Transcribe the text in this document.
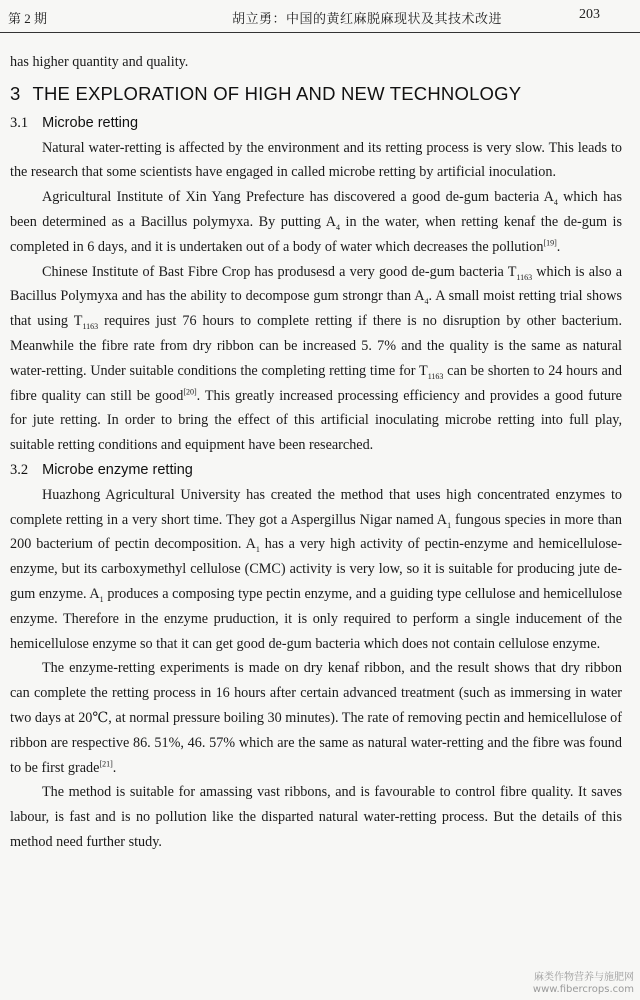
第 2 期	胡立勇：中国的黄红麻脱麻现状及其技术改进	203

has higher quantity and quality.

3 THE EXPLORATION OF HIGH AND NEW TECHNOLOGY
3.1 Microbe retting

Natural water-retting is affected by the environment and its retting process is very slow. This leads to the research that some scientists have engaged in called microbe retting by artificial inoculation.

Agricultural Institute of Xin Yang Prefecture has discovered a good de-gum bacteria $A_4$ which has been determined as a Bacillus polymyxa. By putting $A_4$ in the water, when retting kenaf the de-gum is completed in 6 days, and it is undertaken out of a body of water which decreases the pollution[19].

Chinese Institute of Bast Fibre Crop has produsesd a very good de-gum bacteria $T_{1163}$ which is also a Bacillus Polymyxa and has the ability to decompose gum strongr than $A_4$. A small moist retting trial shows that using $T_{1163}$ requires just 76 hours to complete retting if there is no disruption by other bacterium. Meanwhile the fibre rate from dry ribbon can be increased 5. 7% and the quality is the same as natural water-retting. Under suitable conditions the completing retting time for $T_{1163}$ can be shorten to 24 hours and fibre quality can still be good[20]. This greatly increased processing efficiency and provides a good future for jute retting. In order to bring the effect of this artificial inoculating microbe retting into full play, suitable retting conditions and equipment have been researched.

3.2 Microbe enzyme retting

Huazhong Agricultural University has created the method that uses high concentrated enzymes to complete retting in a very short time. They got a Aspergillus Nigar named $A_1$ fungous species in more than 200 bacterium of pectin decomposition. $A_1$ has a very high activity of pectin-enzyme and hemicellulose-enzyme, but its carboxymethyl cellulose (CMC) activity is very low, so it is suitable for producing jute de-gum enzyme. $A_1$ produces a composing type pectin enzyme, and a guiding type cellulose and hemicellulose enzyme. Therefore in the enzyme pruduction, it is only required to perform a single inducement of the hemicellulose enzyme so that it can get good de-gum bacteria which does not contain cellulose enzyme.

The enzyme-retting experiments is made on dry kenaf ribbon, and the result shows that dry ribbon can complete the retting process in 16 hours after certain advanced treatment (such as immersing in water two days at 20℃, at normal pressure boiling 30 minutes). The rate of removing pectin and hemicellulose of ribbon are respective 86. 51%, 46. 57% which are the same as natural water-retting and the fibre was found to be first grade[21].

The method is suitable for amassing vast ribbons, and is favourable to control fibre quality. It saves labour, is fast and is no pollution like the disparted natural water-retting process. But the details of this method need further study.

麻类作物营养与施肥网
www.fibercrops.com
